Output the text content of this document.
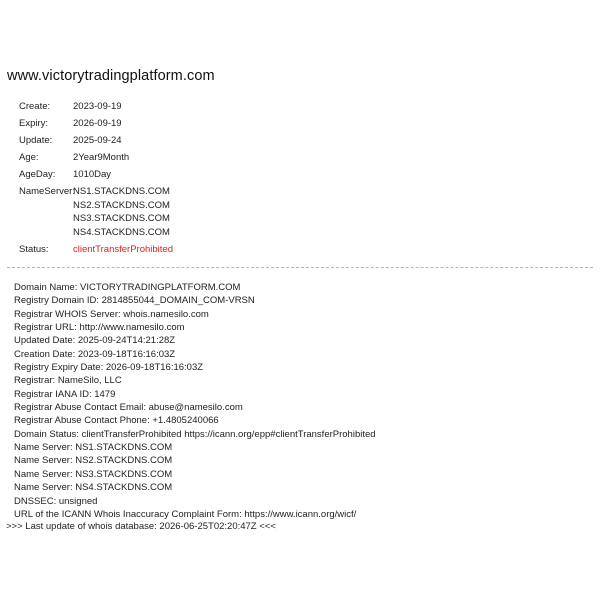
www.victorytradingplatform.com
Create:	2023-09-19
Expiry:	2026-09-19
Update:	2025-09-24
Age:	2Year9Month
AgeDay:	1010Day
NameServer:
NS1.STACKDNS.COM
NS2.STACKDNS.COM
NS3.STACKDNS.COM
NS4.STACKDNS.COM
Status:	clientTransferProhibited
Domain Name: VICTORYTRADINGPLATFORM.COM
Registry Domain ID: 2814855044_DOMAIN_COM-VRSN
Registrar WHOIS Server: whois.namesilo.com
Registrar URL: http://www.namesilo.com
Updated Date: 2025-09-24T14:21:28Z
Creation Date: 2023-09-18T16:16:03Z
Registry Expiry Date: 2026-09-18T16:16:03Z
Registrar: NameSilo, LLC
Registrar IANA ID: 1479
Registrar Abuse Contact Email: abuse@namesilo.com
Registrar Abuse Contact Phone: +1.4805240066
Domain Status: clientTransferProhibited https://icann.org/epp#clientTransferProhibited
Name Server: NS1.STACKDNS.COM
Name Server: NS2.STACKDNS.COM
Name Server: NS3.STACKDNS.COM
Name Server: NS4.STACKDNS.COM
DNSSEC: unsigned
URL of the ICANN Whois Inaccuracy Complaint Form: https://www.icann.org/wicf/
>>> Last update of whois database: 2026-06-25T02:20:47Z <<<
